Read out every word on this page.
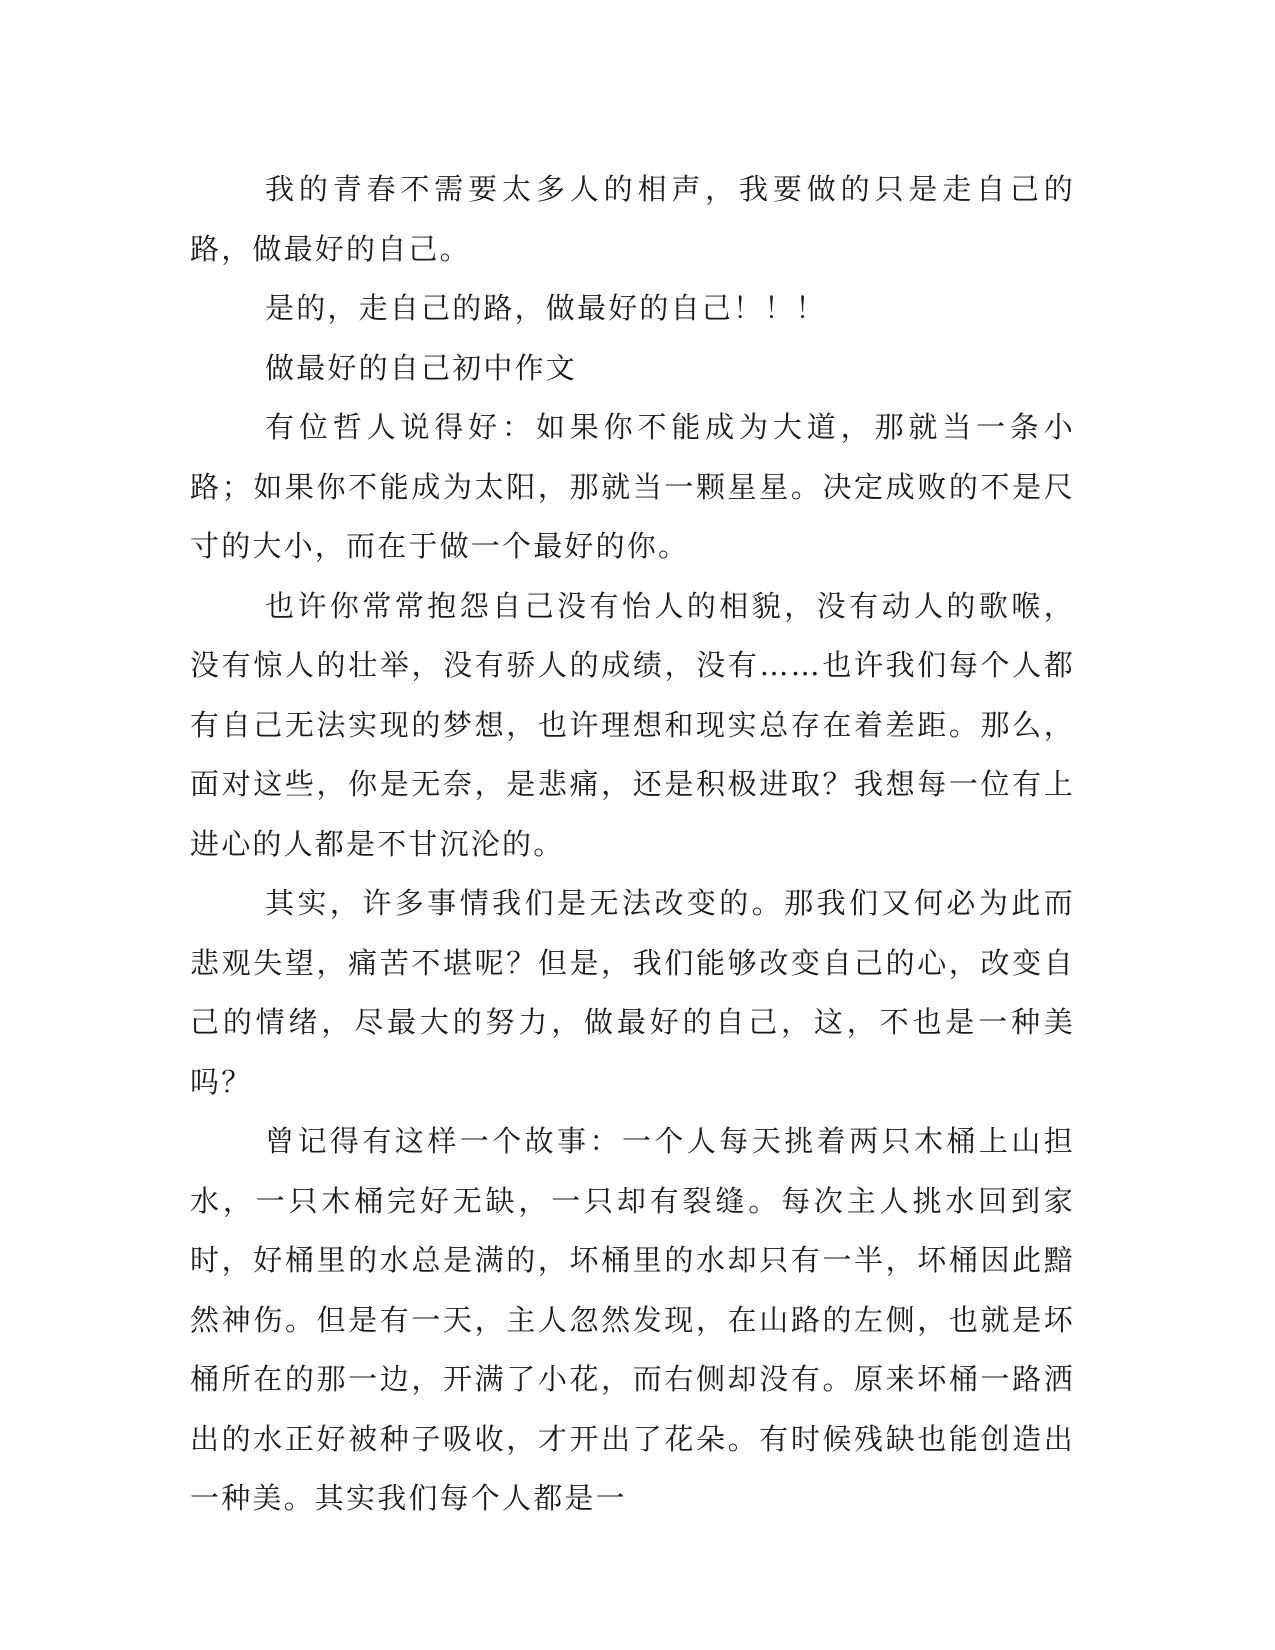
我的青春不需要太多人的相声，我要做的只是走自己的路，做最好的自己。

是的，走自己的路，做最好的自己！！！

做最好的自己初中作文

有位哲人说得好：如果你不能成为大道，那就当一条小路；如果你不能成为太阳，那就当一颗星星。决定成败的不是尺寸的大小，而在于做一个最好的你。

也许你常常抱怨自己没有怡人的相貌，没有动人的歌喉，没有惊人的壮举，没有骄人的成绩，没有……也许我们每个人都有自己无法实现的梦想，也许理想和现实总存在着差距。那么，面对这些，你是无奈，是悲痛，还是积极进取？我想每一位有上进心的人都是不甘沉沦的。

其实，许多事情我们是无法改变的。那我们又何必为此而悲观失望，痛苦不堪呢？但是，我们能够改变自己的心，改变自己的情绪，尽最大的努力，做最好的自己，这，不也是一种美吗？

曾记得有这样一个故事：一个人每天挑着两只木桶上山担水，一只木桶完好无缺，一只却有裂缝。每次主人挑水回到家时，好桶里的水总是满的，坏桶里的水却只有一半，坏桶因此黯然神伤。但是有一天，主人忽然发现，在山路的左侧，也就是坏桶所在的那一边，开满了小花，而右侧却没有。原来坏桶一路洒出的水正好被种子吸收，才开出了花朵。有时候残缺也能创造出一种美。其实我们每个人都是一
